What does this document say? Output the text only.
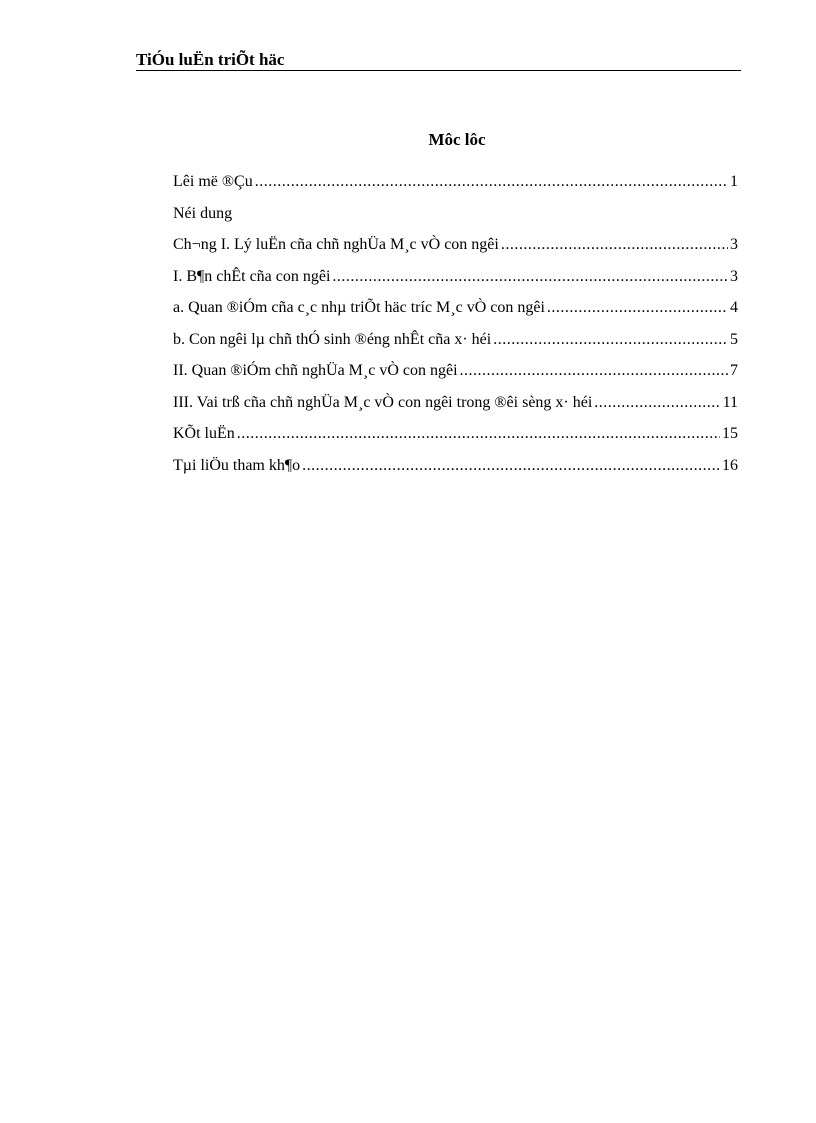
TiÓu luËn triÕt häc
Môc lôc
Lêi më ®Çu .....	1
Néi dung
Ch¬ng I. Lý luËn cña chñ nghÜa M¸c vÒ con ngêi .....	3
I. B¶n chÊt cña con ngêi .....	3
a. Quan ®iÓm cña c¸c nhµ triÕt häc tríc M¸c vÒ con ngêi .....	4
b. Con ngêi lµ chñ thÓ sinh ®éng nhÊt cña x· héi .....	5
II. Quan ®iÓm chñ nghÜa M¸c vÒ con ngêi .....	7
III. Vai trß cña chñ nghÜa M¸c vÒ con ngêi trong ®êi sèng x· héi .....	11
KÕt luËn .....	15
Tµi liÖu tham kh¶o .....	16
